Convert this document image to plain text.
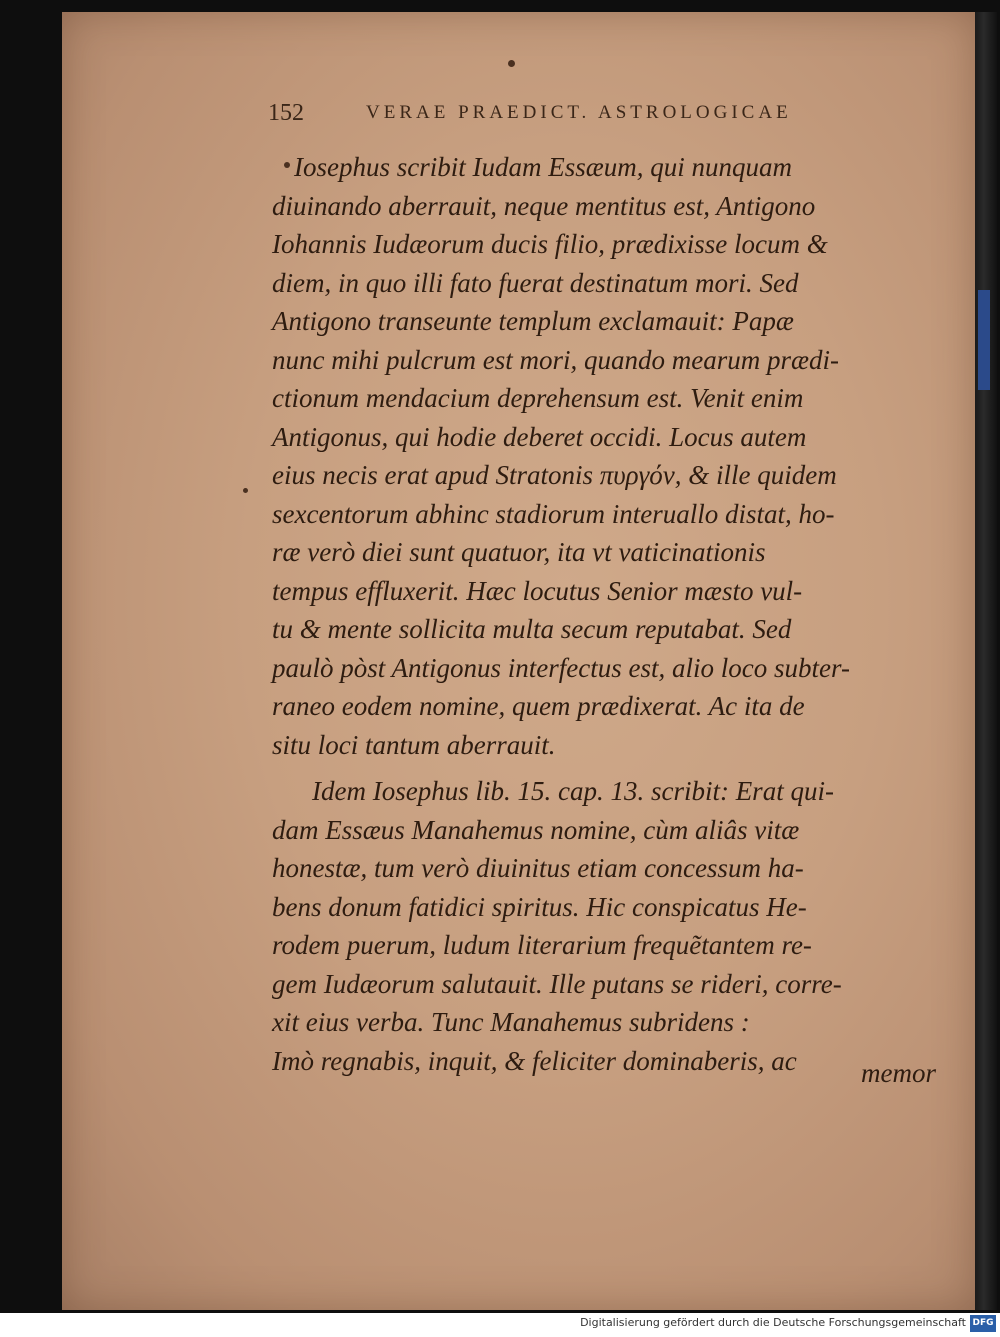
152	VERAE PRAEDICT. ASTROLOGICAE
Iosephus scribit Iudam Essæum, qui nunquam
diuinando aberrauit, neque mentitus est, Antigono
Iohannis Iudæorum ducis filio, prædixisse locum &
diem, in quo illi fato fuerat destinatum mori. Sed
Antigono transeunte templum exclamauit: Papæ
nunc mihi pulcrum est mori, quando mearum prædi-
ctionum mendacium deprehensum est. Venit enim
Antigonus, qui hodie deberet occidi. Locus autem
eius necis erat apud Stratonis πυργόν, & ille quidem
sexcentorum abhinc stadiorum interuallo distat, ho-
ræ verò diei sunt quatuor, ita vt vaticinationis
tempus effluxerit. Hæc locutus Senior mæsto vul-
tu & mente sollicita multa secum reputabat. Sed
paulò pòst Antigonus interfectus est, alio loco subter-
raneo eodem nomine, quem prædixerat. Ac ita de
situ loci tantum aberrauit.
Idem Iosephus lib. 15. cap. 13. scribit: Erat qui-
dam Essæus Manahemus nomine, cùm aliâs vitæ
honestæ, tum verò diuinitus etiam concessum ha-
bens donum fatidici spiritus. Hic conspicatus He-
rodem puerum, ludum literarium frequẽtantem re-
gem Iudæorum salutauit. Ille putans se rideri, corre-
xit eius verba. Tunc Manahemus subridens :
Imò regnabis, inquit, & feliciter dominaberis, ac	memor
Digitalisierung gefördert durch die Deutsche Forschungsgemeinschaft DFG
